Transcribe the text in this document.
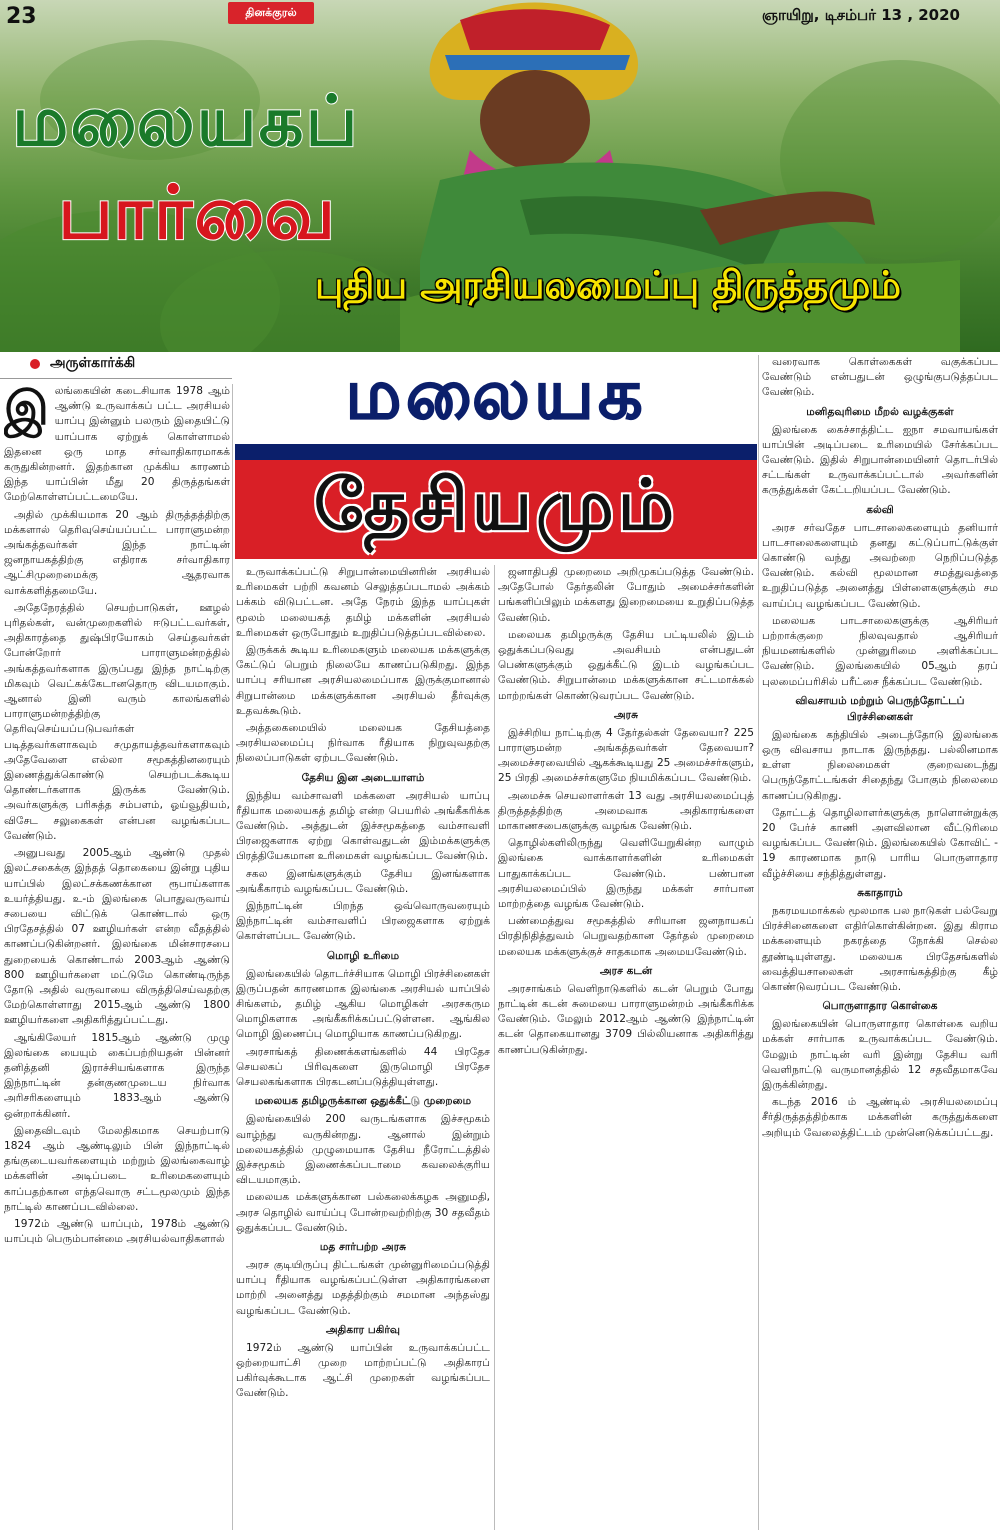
23	தினக்குரல்	ஞாயிறு, டிசம்பர் 13 , 2020
மலையகப்
பார்வை
புதிய அரசியலமைப்பு திருத்தமும்
அருள்கார்க்கி	மலையக
தேசியமும்
இ லங்கையின் கடைசியாக 1978 ஆம் ஆண்டு உருவாக்கப் பட்ட அரசியல் யாப்பு இன்னும் பலரும் இதையிட்டு யாப்பாக ஏற்றுக் கொள்ளாமல் இதனை ஒரு மாத சர்வாதிகாரமாகக் கருதுகின்றனர். இதற்கான முக்கிய காரணம் இந்த யாப்பின் மீது 20 திருத்தங்கள் மேற்கொள்ளப்பட்டமையே.

அதில் முக்கியமாக 20 ஆம் திருத்தத்திற்கு மக்களால் தெரிவுசெய்யப்பட்ட பாராளுமன்ற அங்கத்தவர்கள் இந்த நாட்டின் ஜனநாயகத்திற்கு எதிராக சர்வாதிகார ஆட்சிமுறைமைக்கு ஆதரவாக வாக்களித்தமையே.

அதேநேரத்தில் செயற்பாடுகள், ஊழல் புரிதல்கள், வன்முறைகளில் ஈடுபட்டவர்கள், அதிகாரத்தை துஷ்பிரயோகம் செய்தவர்கள் போன்றோர் பாராளுமன்றத்தில் அங்கத்தவர்களாக இருப்பது இந்த நாட்டிற்கு மிகவும் வெட்கக்கேடானதொரு விடயமாகும். ஆனால் இனி வரும் காலங்களில் பாராளுமன்றத்திற்கு தெரிவுசெய்யப்படுபவர்கள் படித்தவர்களாகவும் சமுதாயத்தவர்களாகவும் அதேவேளை எல்லா சமூகத்தினரையும் இணைத்துக்கொண்டு செயற்படக்கூடிய தொண்டர்களாக இருக்க வேண்டும். அவர்களுக்கு பரிசுத்த சம்பளம், ஓய்வூதியம், விசேட சலுகைகள் என்பன வழங்கப்பட வேண்டும்.

அனுபவது 2005ஆம் ஆண்டு முதல் இலட்சகைக்கு இந்தத் தொகையை இன்று புதிய யாப்பில் இலட்சக்கணக்கான ரூபாய்களாக உயர்த்தியது. உ-ம் இலங்கை பொதுவருவாய் சபையை விட்டுக் கொண்டால் ஒரு பிரதேசத்தில் 07 ஊழியர்கள் என்ற வீதத்தில் காணப்படுகின்றனர். இலங்கை மின்சாரசபை துறையைக் கொண்டால் 2003ஆம் ஆண்டு 800 ஊழியர்களை மட்டுமே கொண்டிருந்த தோடு அதில் வருவாயை விருத்திசெய்வதற்கு மேற்கொள்ளாது 2015ஆம் ஆண்டு 1800 ஊழியர்களை அதிகரித்துப்பட்டது.

ஆங்கிலேயர் 1815ஆம் ஆண்டு முழு இலங்கை யையும் கைப்பற்றியதன் பின்னர் தனித்தனி இராச்சியங்களாக இருந்த இந்நாட்டின் தன்குணமுடைய நிர்வாக அரிசரிகளையும் 1833ஆம் ஆண்டு ஒன்றாக்கினர்.

இதைவிடவும் மேலதிகமாக செயற்பாடு 1824 ஆம் ஆண்டிலும் பின் இந்நாட்டில் தங்குடையவர்களையும் மற்றும் இலங்கைவாழ் மக்களின் அடிப்படை உரிமைகளையும் காப்பதற்கான எந்தவொரு சட்டமூலமும் இந்த நாட்டில் காணப்படவில்லை.

1972ம் ஆண்டு யாப்பும், 1978ம் ஆண்டு யாப்பும் பெரும்பான்மை அரசியல்வாதிகளால்

உருவாக்கப்பட்டு சிறுபான்மையினரின் அரசியல் உரிமைகள் பற்றி கவனம் செலுத்தப்படாமல் அக்கம் பக்கம் விடுபட்டன. அதே நேரம் இந்த யாப்புகள் மூலம் மலையகத் தமிழ் மக்களின் அரசியல் உரிமைகள் ஒருபோதும் உறுதிப்படுத்தப்படவில்லை.

இருக்கக் கூடிய உரிமைகளும் மலையக மக்களுக்கு கேட்டுப் பெறும் நிலையே காணப்படுகிறது. இந்த யாப்பு சரியான அரசியலமைப்பாக இருக்குமானால் சிறுபான்மை மக்களுக்கான அரசியல் தீர்வுக்கு உதவக்கூடும்.

அத்தகைமையில் மலையக தேசியத்தை அரசியலமைப்பு நிர்வாக ரீதியாக நிறுவுவதற்கு நிலைப்பாடுகள் ஏற்படவேண்டும்.

தேசிய இன அடையாளம்

இந்திய வம்சாவளி மக்களை அரசியல் யாப்பு ரீதியாக மலையகத் தமிழ் என்ற பெயரில் அங்கீகரிக்க வேண்டும். அத்துடன் இச்சமூகத்தை வம்சாவளி பிரஜைகளாக ஏற்று கொள்வதுடன் இம்மக்களுக்கு பிரத்தியேகமான உரிமைகள் வழங்கப்பட வேண்டும்.

சகல இனங்களுக்கும் தேசிய இனங்களாக அங்கீகாரம் வழங்கப்பட வேண்டும்.

இந்நாட்டின் பிறந்த ஒவ்வொருவரையும் இந்நாட்டின் வம்சாவளிப் பிரஜைகளாக ஏற்றுக் கொள்ளப்பட வேண்டும்.

மொழி உரிமை

இலங்கையில் தொடர்ச்சியாக மொழி பிரச்சினைகள் இருப்பதன் காரணமாக இலங்கை அரசியல் யாப்பில் சிங்களம், தமிழ் ஆகிய மொழிகள் அரசகரும மொழிகளாக அங்கீகரிக்கப்பட்டுள்ளன. ஆங்கில மொழி இணைப்பு மொழியாக காணப்படுகிறது.

அரசாங்கத் திணைக்களங்களில் 44 பிரதேச செயலகப் பிரிவுகளை இருமொழி பிரதேச செயலகங்களாக பிரகடனப்படுத்தியுள்ளது.

மலையக தமிழருக்கான ஒதுக்கீட்டு முறைமை

இலங்கையில் 200 வருடங்களாக இச்சமூகம் வாழ்ந்து வருகின்றது. ஆனால் இன்றும் மலையகத்தில் முழுமையாக தேசிய நீரோட்டத்தில் இச்சமூகம் இணைக்கப்படாமை கவலைக்குரிய விடயமாகும்.

மலையக மக்களுக்கான பல்கலைக்கழக அனுமதி, அரச தொழில் வாய்ப்பு போன்றவற்றிற்கு 30 சதவீதம் ஒதுக்கப்பட வேண்டும்.

மத சார்பற்ற அரசு

அரச குடியிருப்பு திட்டங்கள் முன்னுரிமைப்படுத்தி யாப்பு ரீதியாக வழங்கப்பட்டுள்ள அதிகாரங்களை மாற்றி அனைத்து மதத்திற்கும் சமமான அந்தஸ்து வழங்கப்பட வேண்டும்.

அதிகார பகிர்வு

1972ம் ஆண்டு யாப்பின் உருவாக்கப்பட்ட ஒற்றையாட்சி முறை மாற்றப்பட்டு அதிகாரப் பகிர்வுக்கூடாக ஆட்சி முறைகள் வழங்கப்பட வேண்டும்.

ஜனாதிபதி முறைமை அறிமுகப்படுத்த வேண்டும். அதேபோல் தேர்தலின் போதும் அமைச்சர்களின் பங்களிப்பிலும் மக்களது இறைமையை உறுதிப்படுத்த வேண்டும்.

மலையக தமிழருக்கு தேசிய பட்டியலில் இடம் ஒதுக்கப்படுவது அவசியம் என்பதுடன் பெண்களுக்கும் ஒதுக்கீட்டு இடம் வழங்கப்பட வேண்டும். சிறுபான்மை மக்களுக்கான சட்டமாக்கல் மாற்றங்கள் கொண்டுவரப்பட வேண்டும்.

அரசு

இச்சிறிய நாட்டிற்கு 4 தேர்தல்கள் தேவையா? 225 பாராளுமன்ற அங்கத்தவர்கள் தேவையா? அமைச்சரவையில் ஆகக்கூடியது 25 அமைச்சர்களும், 25 பிரதி அமைச்சர்களுமே நியமிக்கப்பட வேண்டும்.

அமைச்சு செயலாளர்கள் 13 வது அரசியலமைப்புத் திருத்தத்திற்கு அமைவாக அதிகாரங்களை மாகாணசபைகளுக்கு வழங்க வேண்டும்.

தொழில்களிலிருந்து வெளியேறுகின்ற வாழும் இலங்கை வாக்காளர்களின் உரிமைகள் பாதுகாக்கப்பட வேண்டும். பண்பான அரசியலமைப்பில் இருந்து மக்கள் சார்பான மாற்றத்தை வழங்க வேண்டும்.

பண்மைத்துவ சமூகத்தில் சரியான ஜனநாயகப் பிரதிநிதித்துவம் பெறுவதற்கான தேர்தல் முறைமை மலையக மக்களுக்குச் சாதகமாக அமையவேண்டும்.

அரச கடன்

அரசாங்கம் வெளிநாடுகளில் கடன் பெறும் போது நாட்டின் கடன் சுமையை பாராளுமன்றம் அங்கீகரிக்க வேண்டும். மேலும் 2012ஆம் ஆண்டு இந்நாட்டின் கடன் தொகையானது 3709 பில்லியனாக அதிகரித்து காணப்படுகின்றது.

வரைவாக கொள்கைகள் வகுக்கப்பட வேண்டும் என்பதுடன் ஒழுங்குபடுத்தப்பட வேண்டும்.

மனிதவுரிமை மீறல் வழக்குகள்

இலங்கை கைச்சாத்திட்ட ஐநா சமவாயங்கள் யாப்பின் அடிப்படை உரிமையில் சேர்க்கப்பட வேண்டும். இதில் சிறுபான்மையினர் தொடர்பில் சட்டங்கள் உருவாக்கப்பட்டால் அவர்களின் கருத்துக்கள் கேட்டறியப்பட வேண்டும்.

கல்வி

அரச சர்வதேச பாடசாலைகளையும் தனியார் பாடசாலைகளையும் தனது கட்டுப்பாட்டுக்குள் கொண்டு வந்து அவற்றை நெறிப்படுத்த வேண்டும். கல்வி மூலமான சமத்துவத்தை உறுதிப்படுத்த அனைத்து பிள்ளைகளுக்கும் சம வாய்ப்பு வழங்கப்பட வேண்டும்.

மலையக பாடசாலைகளுக்கு ஆசிரியர் பற்றாக்குறை நிலவுவதால் ஆசிரியர் நியமனங்களில் முன்னுரிமை அளிக்கப்பட வேண்டும். இலங்கையில் 05ஆம் தரப் புலமைப்பரிசில் பரீட்சை நீக்கப்பட வேண்டும்.

விவசாயம் மற்றும் பெருந்தோட்டப் பிரச்சினைகள்

இலங்கை கந்தியில் அடைந்தோடு இலங்கை ஒரு விவசாய நாடாக இருந்தது. பல்லினமாக உள்ள நிலைமைகள் குறைவடைந்து பெருந்தோட்டங்கள் சிதைந்து போகும் நிலைமை காணப்படுகிறது.

தோட்டத் தொழிலாளர்களுக்கு நாளொன்றுக்கு 20 பேர்ச் காணி அளவிலான வீட்டுரிமை வழங்கப்பட வேண்டும். இலங்கையில் கோவிட் - 19 காரணமாக நாடு பாரிய பொருளாதார வீழ்ச்சியை சந்தித்துள்ளது.

சுகாதாரம்

நகரமயமாக்கல் மூலமாக பல நாடுகள் பல்வேறு பிரச்சினைகளை எதிர்கொள்கின்றன. இது கிராம மக்களையும் நகரத்தை நோக்கி செல்ல தூண்டியுள்ளது. மலையக பிரதேசங்களில் வைத்தியசாலைகள் அரசாங்கத்திற்கு கீழ் கொண்டுவரப்பட வேண்டும்.

பொருளாதார கொள்கை

இலங்கையின் பொருளாதார கொள்கை வறிய மக்கள் சார்பாக உருவாக்கப்பட வேண்டும். மேலும் நாட்டின் வரி இன்று தேசிய வரி வெளிநாட்டு வருமானத்தில் 12 சதவீதமாகவே இருக்கின்றது.

கடந்த 2016 ம் ஆண்டில் அரசியலமைப்பு சீர்திருத்தத்திற்காக மக்களின் கருத்துக்களை அறியும் வேலைத்திட்டம் முன்னெடுக்கப்பட்டது.
